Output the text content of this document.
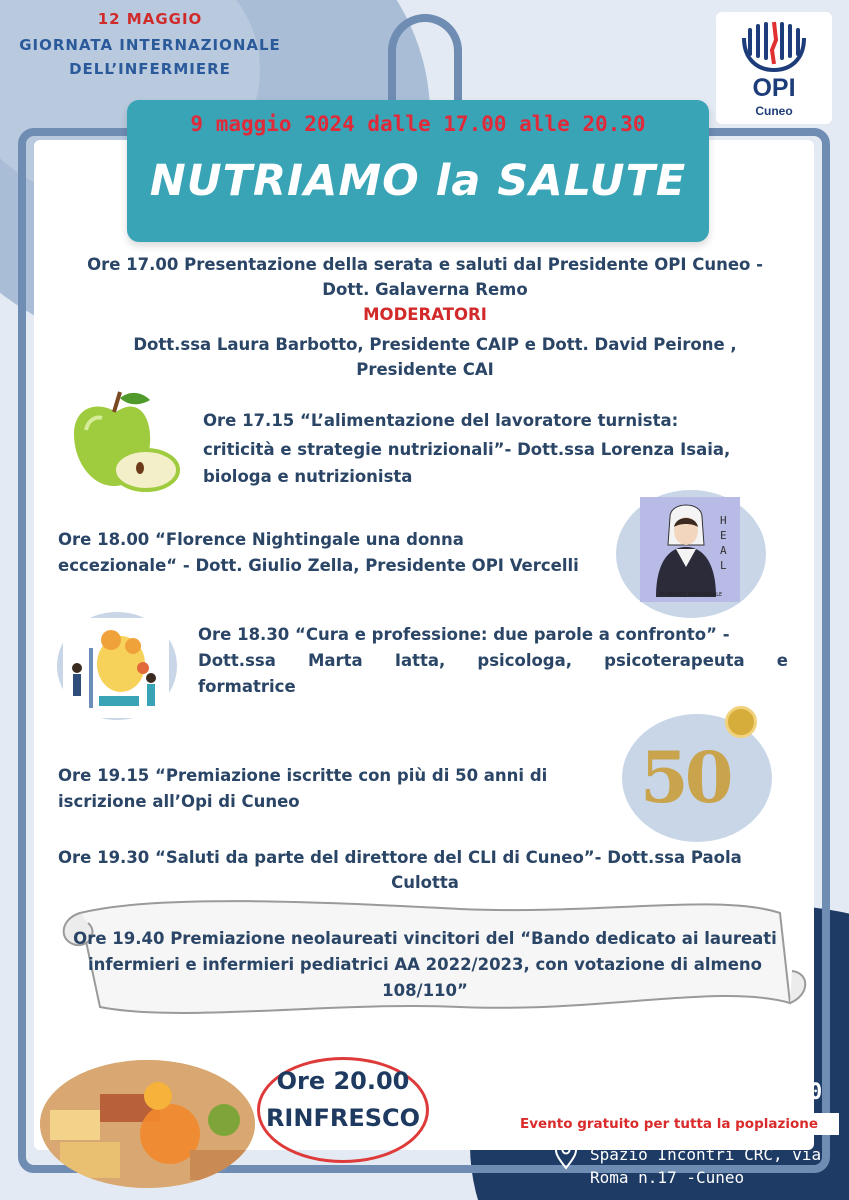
12 MAGGIO
GIORNATA INTERNAZIONALE
DELL’INFERMIERE
OPI
Cuneo
9 maggio 2024 dalle 17.00 alle 20.30
NUTRIAMO la SALUTE
Ore 17.00 Presentazione della serata e saluti dal Presidente OPI Cuneo -
Dott. Galaverna Remo
MODERATORI
Dott.ssa Laura Barbotto, Presidente CAIP e Dott. David Peirone ,
Presidente CAI
Ore 17.15 “L’alimentazione del lavoratore turnista:
criticità e strategie nutrizionali”- Dott.ssa Lorenza Isaia,
biologa e nutrizionista
H
E
A
L
FLORENCE NIGHTINGALE
Ore 18.00 “Florence Nightingale una donna
eccezionale“ - Dott. Giulio Zella, Presidente OPI Vercelli
Ore 18.30 “Cura e professione: due parole a confronto” -
Dott.ssa Marta Iatta, psicologa, psicoterapeuta e
formatrice
50
Ore 19.15 “Premiazione iscritte con più di 50 anni di
iscrizione all’Opi di Cuneo
Ore 19.30 “Saluti da parte del direttore del CLI di Cuneo”- Dott.ssa Paola
Culotta
Ore 19.40 Premiazione neolaureati vincitori del “Bando dedicato ai laureati
infermieri e infermieri pediatrici AA 2022/2023, con votazione di almeno
108/110”
Ore 20.00
RINFRESCO
9 maggio 2024
17.00 - 20.30
Evento gratuito per tutta la poplazione
Spazio Incontri CRC, via
Roma n.17 -Cuneo
